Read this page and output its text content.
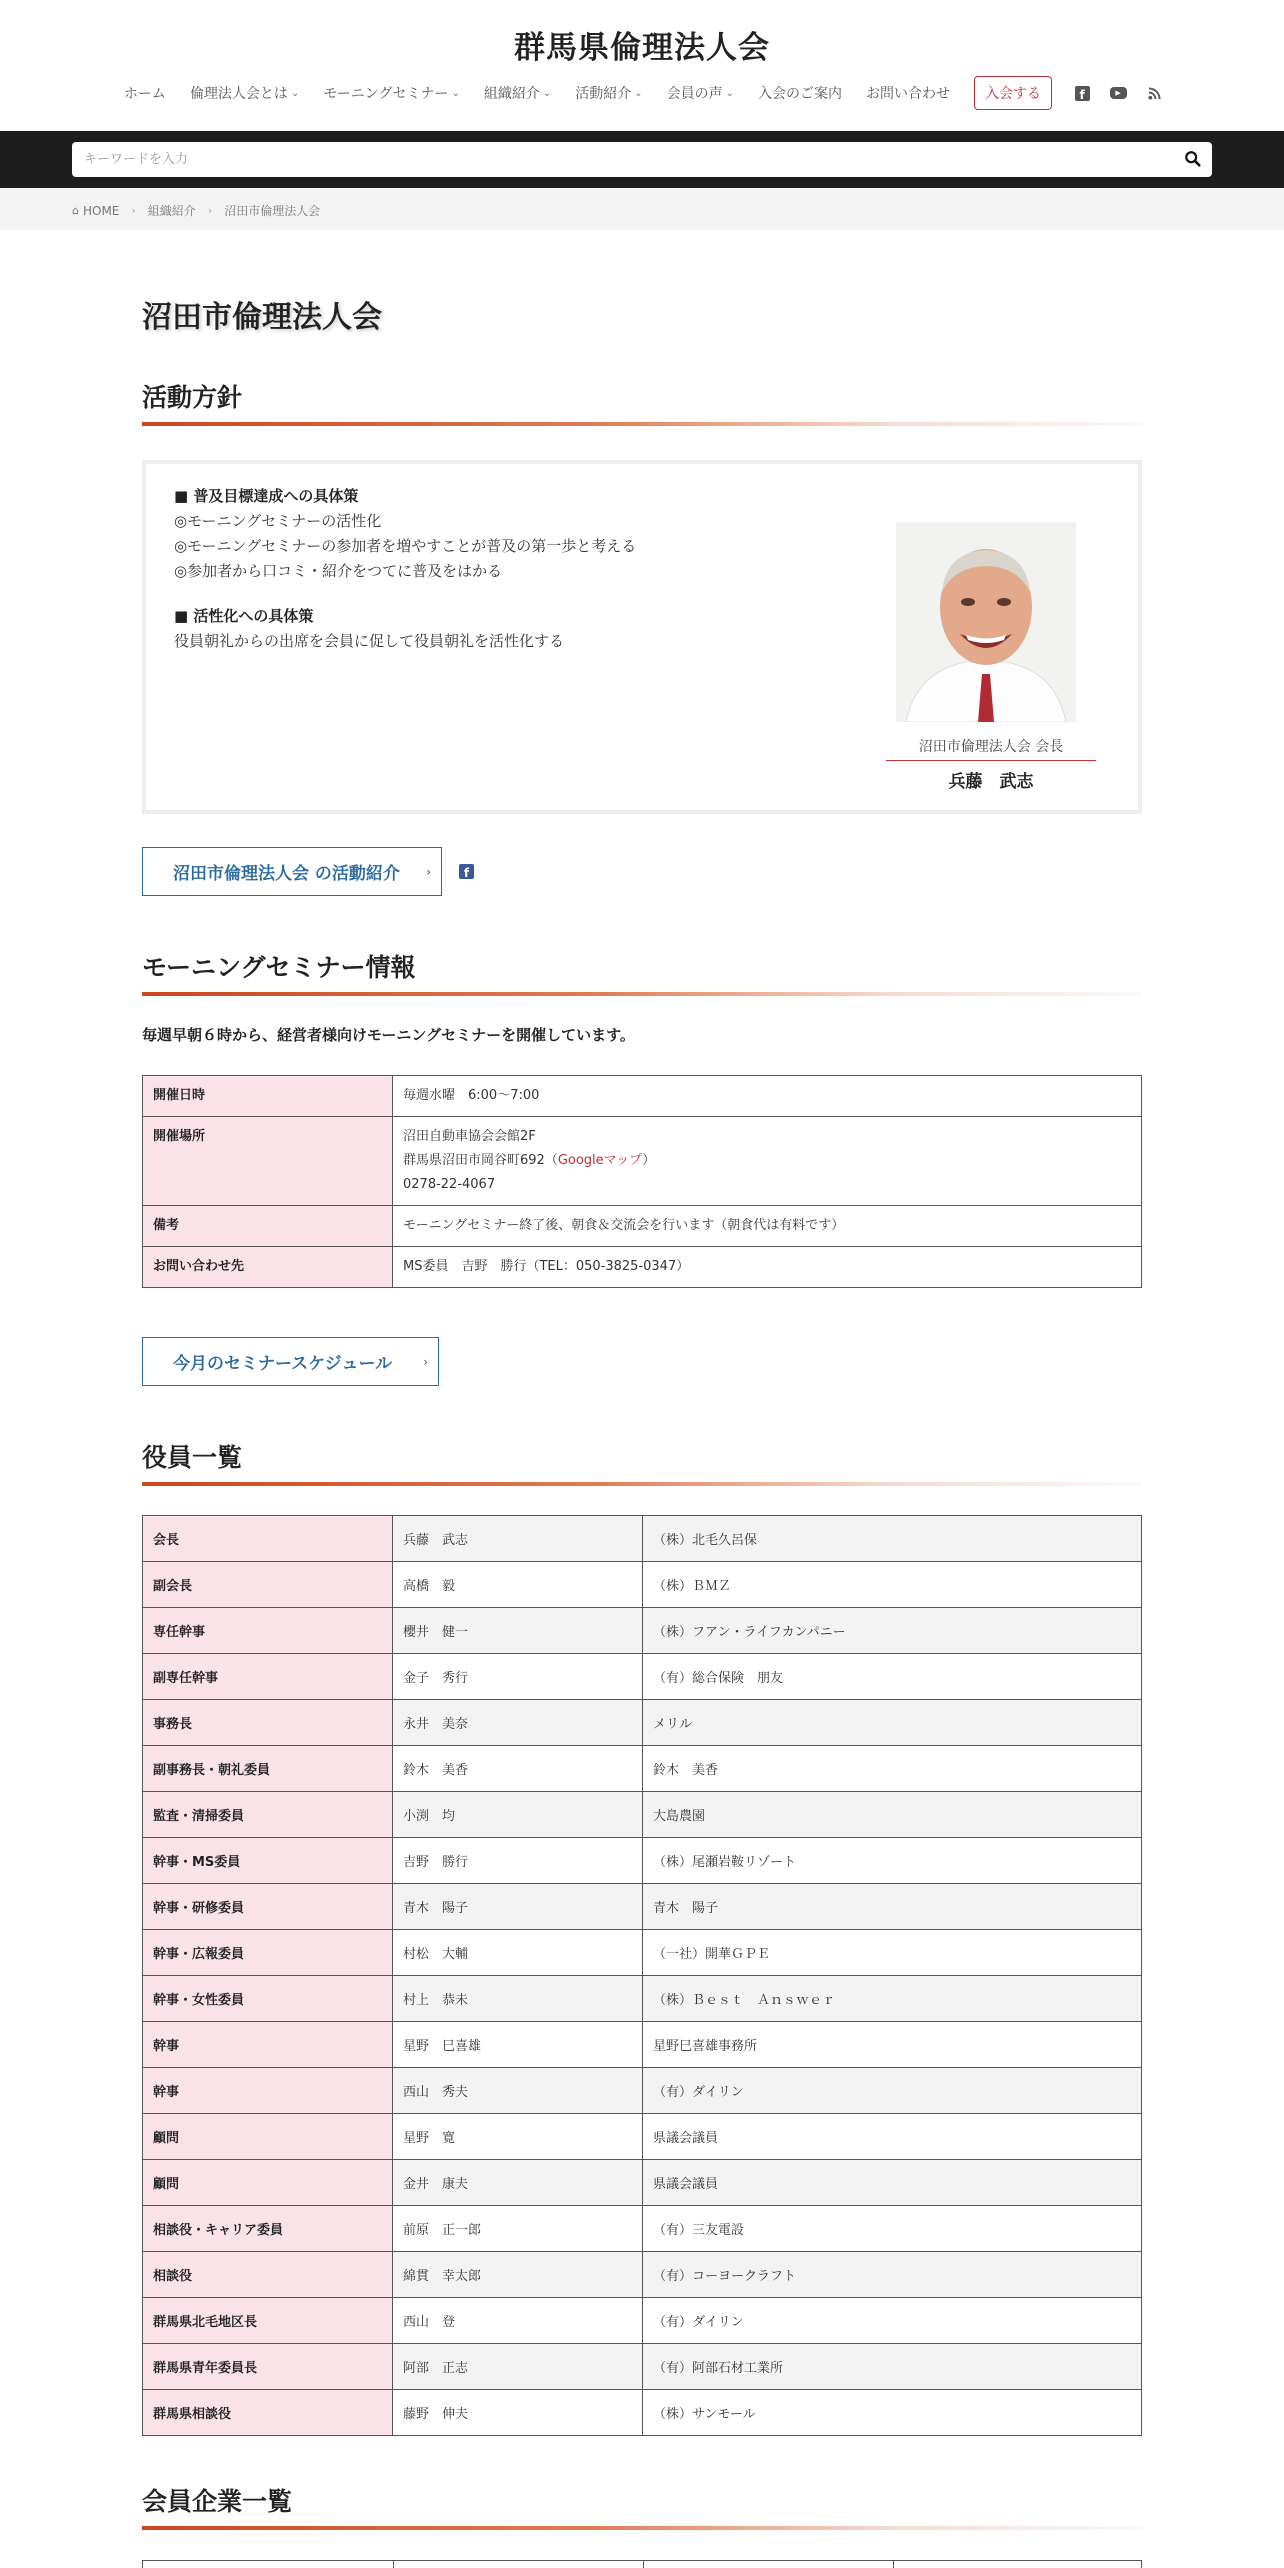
群馬県倫理法人会
ホーム 倫理法人会とは ⌄ モーニングセミナー ⌄ 組織紹介 ⌄ 活動紹介 ⌄ 会員の声 ⌄ 入会のご案内 お問い合わせ	入会する	f	▶
キーワードを入力
⌂ HOME › 組織紹介 › 沼田市倫理法人会
沼田市倫理法人会
活動方針
■ 普及目標達成への具体策
◎モーニングセミナーの活性化
◎モーニングセミナーの参加者を増やすことが普及の第一歩と考える
◎参加者から口コミ・紹介をつてに普及をはかる
■ 活性化への具体策
役員朝礼からの出席を会員に促して役員朝礼を活性化する
沼田市倫理法人会 会長
兵藤　武志
沼田市倫理法人会 の活動紹介 ›	f
モーニングセミナー情報
毎週早朝６時から、経営者様向けモーニングセミナーを開催しています。
開催日時	毎週水曜　6:00～7:00
開催場所	沼田自動車協会会館2F
群馬県沼田市岡谷町692（Googleマップ）
0278-22-4067

備考	モーニングセミナー終了後、朝食＆交流会を行います（朝食代は有料です）
お問い合わせ先	MS委員　吉野　勝行（TEL：050-3825-0347）
今月のセミナースケジュール	›
役員一覧
会長	兵藤　武志	（株）北毛久呂保
副会長	高橋　毅	（株）ＢＭＺ
専任幹事	櫻井　健一	（株）フアン・ライフカンパニー
副専任幹事	金子　秀行	（有）総合保険　朋友
事務長	永井　美奈	メリル
副事務長・朝礼委員	鈴木　美香	鈴木　美香
監査・清掃委員	小渕　均	大島農園
幹事・MS委員	吉野　勝行	（株）尾瀬岩鞍リゾート
幹事・研修委員	青木　陽子	青木　陽子
幹事・広報委員	村松　大輔	（一社）開華ＧＰＥ
幹事・女性委員	村上　恭未	（株）Ｂｅｓｔ　Ａｎｓｗｅｒ
幹事	星野　巳喜雄	星野巳喜雄事務所
幹事	西山　秀夫	（有）ダイリン
顧問	星野　寛	県議会議員
顧問	金井　康夫	県議会議員
相談役・キャリア委員	前原　正一郎	（有）三友電設
相談役	綿貫　幸太郎	（有）コーヨークラフト
群馬県北毛地区長	西山　登	（有）ダイリン
群馬県青年委員長	阿部　正志	（有）阿部石材工業所
群馬県相談役	藤野　伸夫	（株）サンモール
会員企業一覧
